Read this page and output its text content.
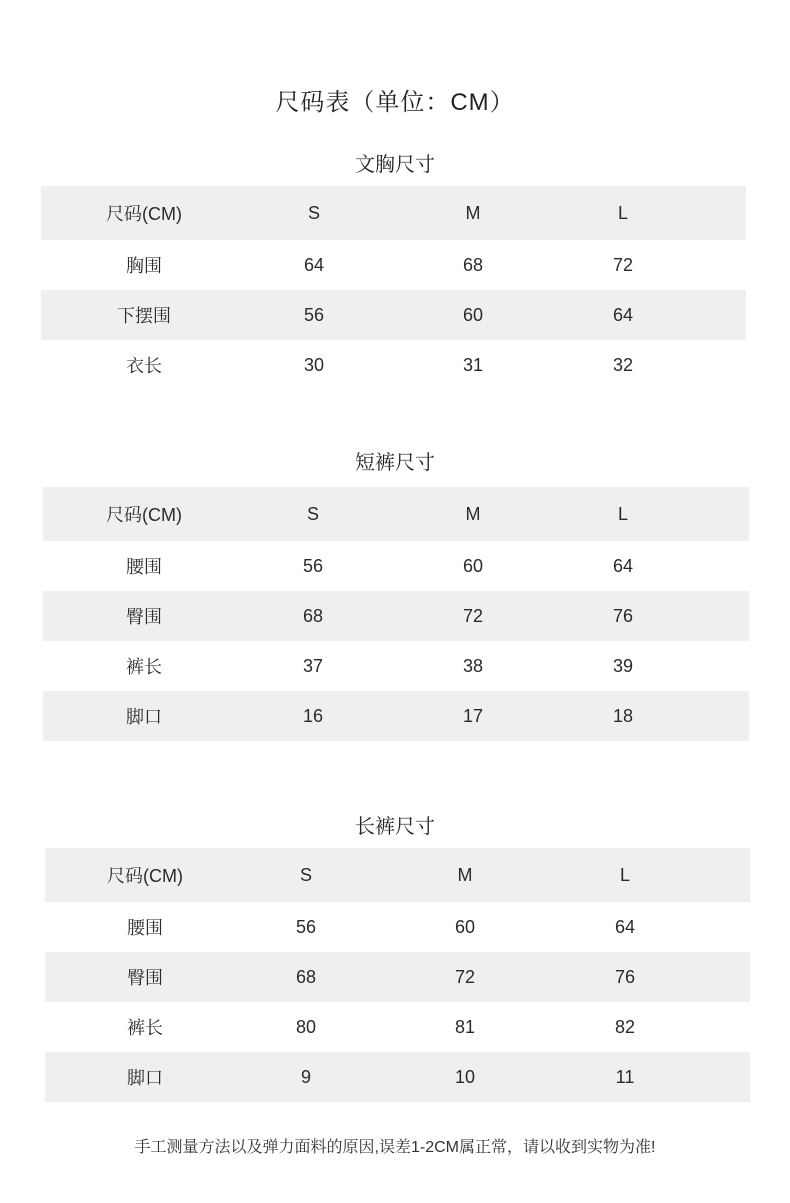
尺码表（单位：CM）
文胸尺寸
尺码(CM)	S	M	L
胸围	64	68	72
下摆围	56	60	64
衣长	30	31	32
短裤尺寸
尺码(CM)	S	M	L
腰围	56	60	64
臀围	68	72	76
裤长	37	38	39
脚口	16	17	18
长裤尺寸
尺码(CM)	S	M	L
腰围	56	60	64
臀围	68	72	76
裤长	80	81	82
脚口	9	10	11
手工测量方法以及弹力面料的原因,误差1-2CM属正常，请以收到实物为准!
